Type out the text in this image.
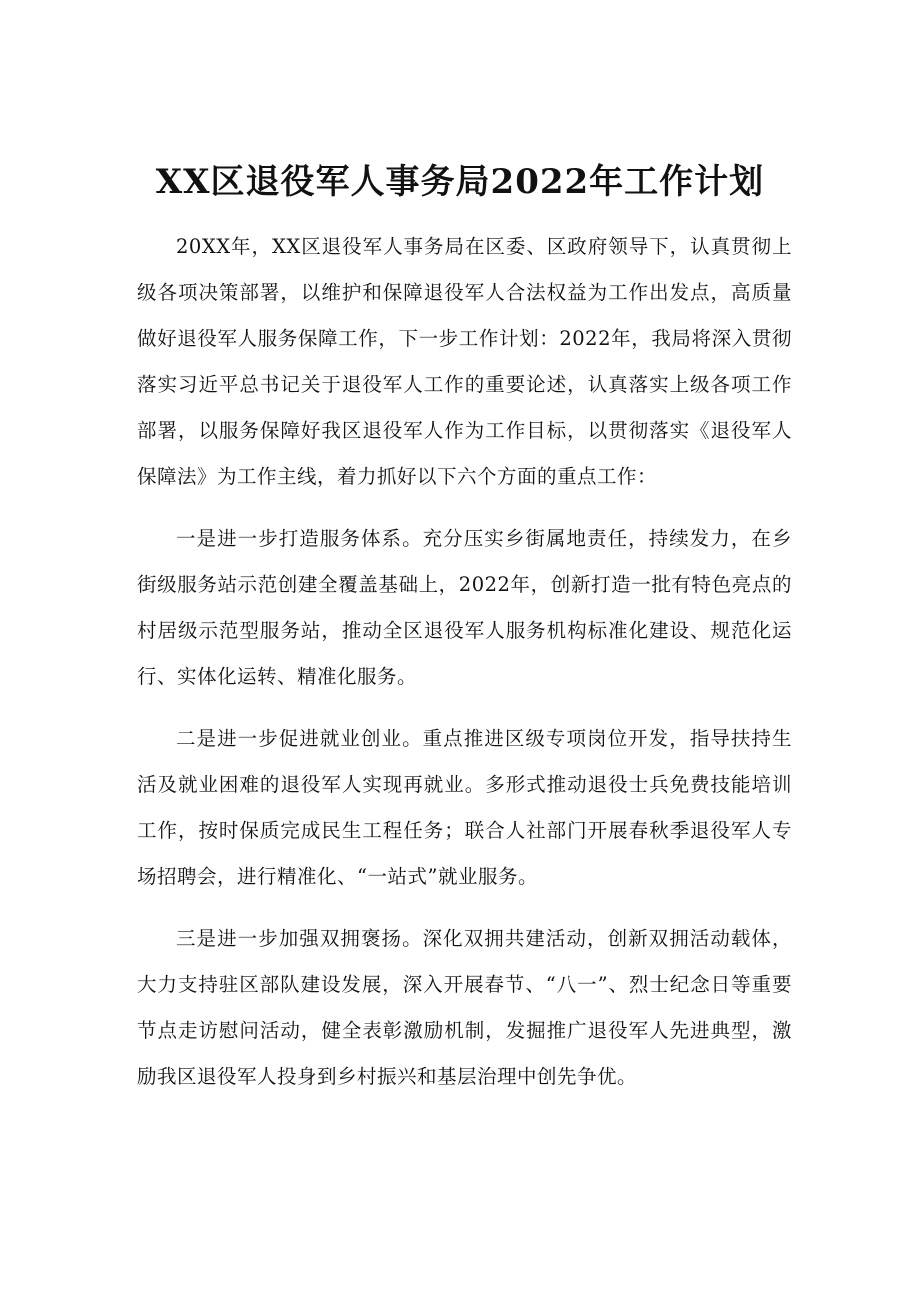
XX区退役军人事务局2022年工作计划

20XX年，XX区退役军人事务局在区委、区政府领导下，认真贯彻上级各项决策部署，以维护和保障退役军人合法权益为工作出发点，高质量做好退役军人服务保障工作，下一步工作计划：2022年，我局将深入贯彻落实习近平总书记关于退役军人工作的重要论述，认真落实上级各项工作部署，以服务保障好我区退役军人作为工作目标，以贯彻落实《退役军人保障法》为工作主线，着力抓好以下六个方面的重点工作：

一是进一步打造服务体系。充分压实乡街属地责任，持续发力，在乡街级服务站示范创建全覆盖基础上，2022年，创新打造一批有特色亮点的村居级示范型服务站，推动全区退役军人服务机构标准化建设、规范化运行、实体化运转、精准化服务。

二是进一步促进就业创业。重点推进区级专项岗位开发，指导扶持生活及就业困难的退役军人实现再就业。多形式推动退役士兵免费技能培训工作，按时保质完成民生工程任务；联合人社部门开展春秋季退役军人专场招聘会，进行精准化、“一站式”就业服务。

三是进一步加强双拥褒扬。深化双拥共建活动，创新双拥活动载体，大力支持驻区部队建设发展，深入开展春节、“八一”、烈士纪念日等重要节点走访慰问活动，健全表彰激励机制，发掘推广退役军人先进典型，激励我区退役军人投身到乡村振兴和基层治理中创先争优。
